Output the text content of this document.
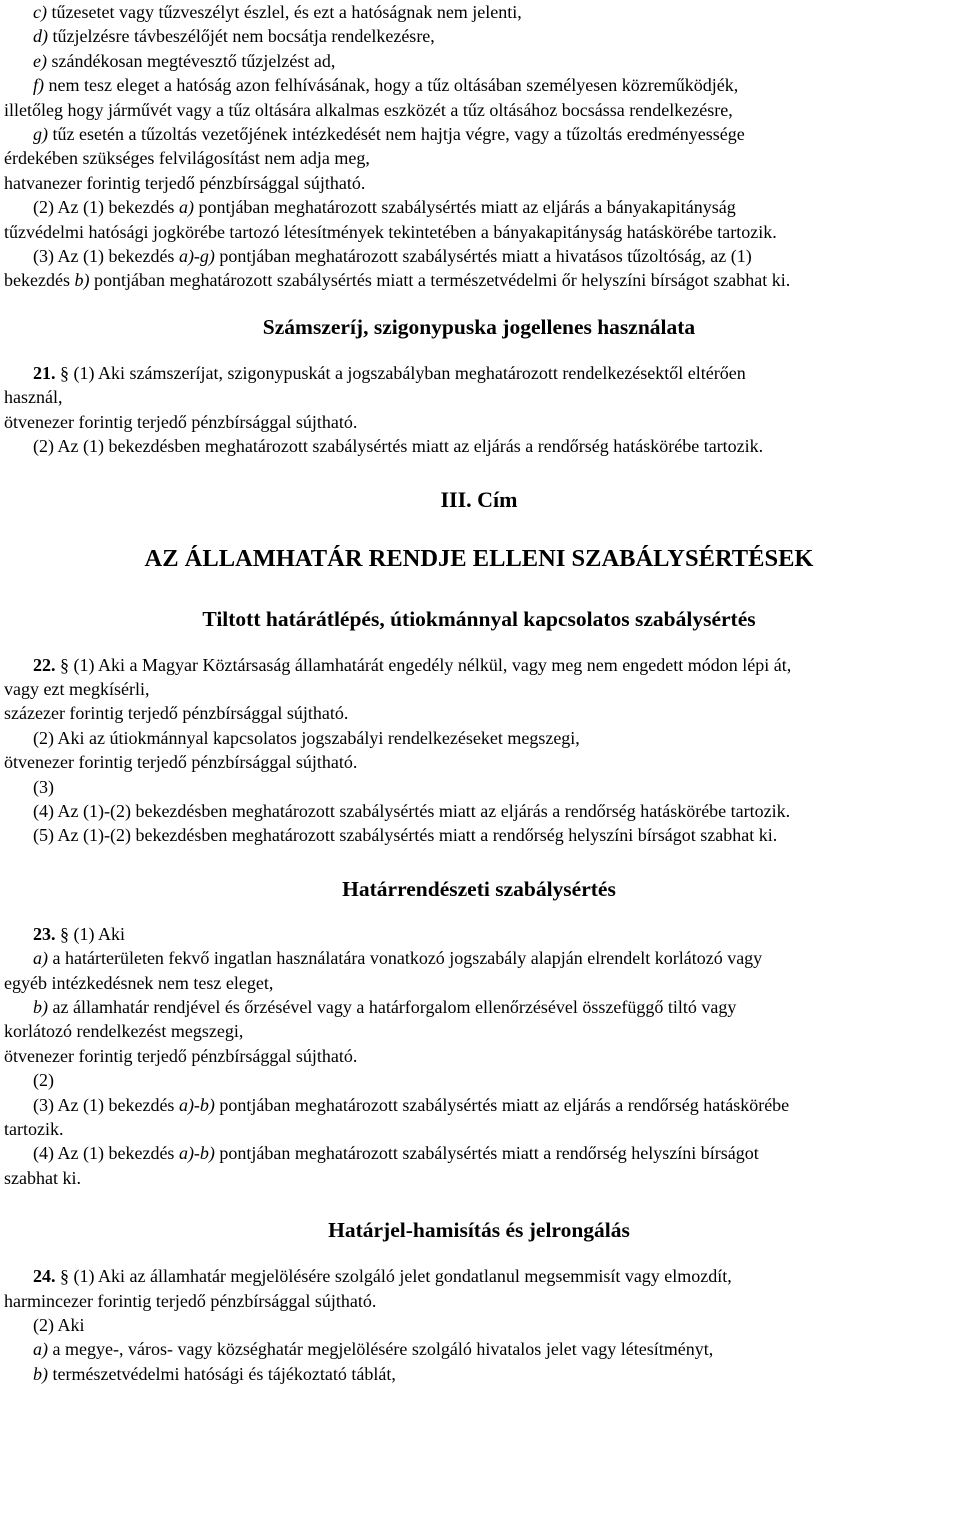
c) tűzesetet vagy tűzveszélyt észlel, és ezt a hatóságnak nem jelenti,

d) tűzjelzésre távbeszélőjét nem bocsátja rendelkezésre,

e) szándékosan megtévesztő tűzjelzést ad,

f) nem tesz eleget a hatóság azon felhívásának, hogy a tűz oltásában személyesen közreműködjék,

illetőleg hogy járművét vagy a tűz oltására alkalmas eszközét a tűz oltásához bocsássa rendelkezésre,

g) tűz esetén a tűzoltás vezetőjének intézkedését nem hajtja végre, vagy a tűzoltás eredményessége

érdekében szükséges felvilágosítást nem adja meg,

hatvanezer forintig terjedő pénzbírsággal sújtható.

(2) Az (1) bekezdés a) pontjában meghatározott szabálysértés miatt az eljárás a bányakapitányság

tűzvédelmi hatósági jogkörébe tartozó létesítmények tekintetében a bányakapitányság hatáskörébe tartozik.

(3) Az (1) bekezdés a)-g) pontjában meghatározott szabálysértés miatt a hivatásos tűzoltóság, az (1)

bekezdés b) pontjában meghatározott szabálysértés miatt a természetvédelmi őr helyszíni bírságot szabhat ki.

Számszeríj, szigonypuska jogellenes használata

21. § (1) Aki számszeríjat, szigonypuskát a jogszabályban meghatározott rendelkezésektől eltérően

használ,

ötvenezer forintig terjedő pénzbírsággal sújtható.

(2) Az (1) bekezdésben meghatározott szabálysértés miatt az eljárás a rendőrség hatáskörébe tartozik.

III. Cím
AZ ÁLLAMHATÁR RENDJE ELLENI SZABÁLYSÉRTÉSEK
Tiltott határátlépés, útiokmánnyal kapcsolatos szabálysértés

22. § (1) Aki a Magyar Köztársaság államhatárát engedély nélkül, vagy meg nem engedett módon lépi át,

vagy ezt megkísérli,

százezer forintig terjedő pénzbírsággal sújtható.

(2) Aki az útiokmánnyal kapcsolatos jogszabályi rendelkezéseket megszegi,

ötvenezer forintig terjedő pénzbírsággal sújtható.

(3)

(4) Az (1)-(2) bekezdésben meghatározott szabálysértés miatt az eljárás a rendőrség hatáskörébe tartozik.

(5) Az (1)-(2) bekezdésben meghatározott szabálysértés miatt a rendőrség helyszíni bírságot szabhat ki.

Határrendészeti szabálysértés

23. § (1) Aki

a) a határterületen fekvő ingatlan használatára vonatkozó jogszabály alapján elrendelt korlátozó vagy

egyéb intézkedésnek nem tesz eleget,

b) az államhatár rendjével és őrzésével vagy a határforgalom ellenőrzésével összefüggő tiltó vagy

korlátozó rendelkezést megszegi,

ötvenezer forintig terjedő pénzbírsággal sújtható.

(2)

(3) Az (1) bekezdés a)-b) pontjában meghatározott szabálysértés miatt az eljárás a rendőrség hatáskörébe

tartozik.

(4) Az (1) bekezdés a)-b) pontjában meghatározott szabálysértés miatt a rendőrség helyszíni bírságot

szabhat ki.

Határjel-hamisítás és jelrongálás

24. § (1) Aki az államhatár megjelölésére szolgáló jelet gondatlanul megsemmisít vagy elmozdít,

harmincezer forintig terjedő pénzbírsággal sújtható.

(2) Aki

a) a megye-, város- vagy községhatár megjelölésére szolgáló hivatalos jelet vagy létesítményt,

b) természetvédelmi hatósági és tájékoztató táblát,
